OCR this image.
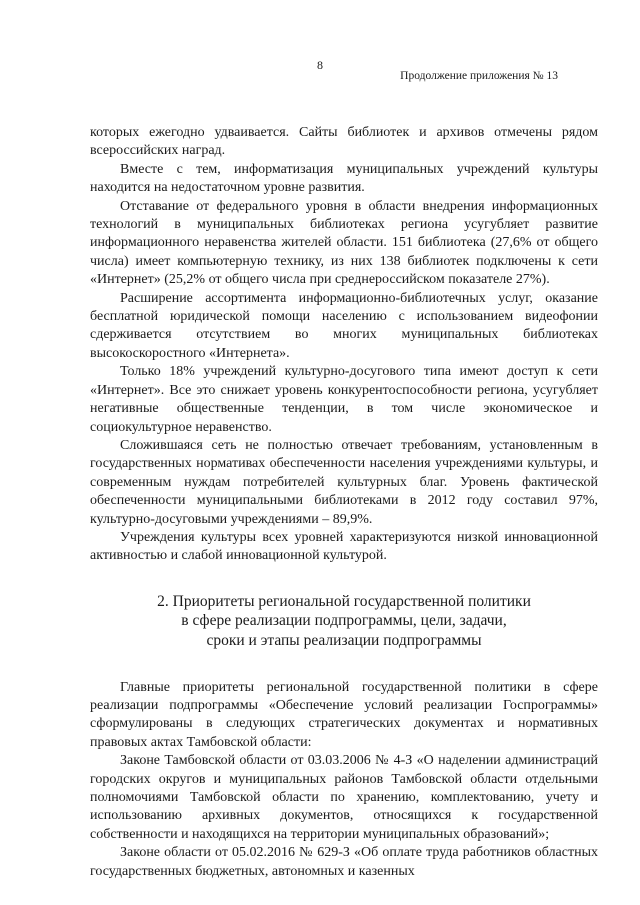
8
Продолжение приложения № 13

которых ежегодно удваивается. Сайты библиотек и архивов отмечены рядом всероссийских наград.

Вместе с тем, информатизация муниципальных учреждений культуры находится на недостаточном уровне развития.

Отставание от федерального уровня в области внедрения информационных технологий в муниципальных библиотеках региона усугубляет развитие информационного неравенства жителей области. 151 библиотека (27,6% от общего числа) имеет компьютерную технику, из них 138 библиотек подключены к сети «Интернет» (25,2% от общего числа при среднероссийском показателе 27%).

Расширение ассортимента информационно-библиотечных услуг, оказание бесплатной юридической помощи населению с использованием видеофонии сдерживается отсутствием во многих муниципальных библиотеках высокоскоростного «Интернета».

Только 18% учреждений культурно-досугового типа имеют доступ к сети «Интернет». Все это снижает уровень конкурентоспособности региона, усугубляет негативные общественные тенденции, в том числе экономическое и социокультурное неравенство.

Сложившаяся сеть не полностью отвечает требованиям, установленным в государственных нормативах обеспеченности населения учреждениями культуры, и современным нуждам потребителей культурных благ. Уровень фактической обеспеченности муниципальными библиотеками в 2012 году составил 97%, культурно-досуговыми учреждениями – 89,9%.

Учреждения культуры всех уровней характеризуются низкой инновационной активностью и слабой инновационной культурой.

2. Приоритеты региональной государственной политики
в сфере реализации подпрограммы, цели, задачи,
сроки и этапы реализации подпрограммы

Главные приоритеты региональной государственной политики в сфере реализации подпрограммы «Обеспечение условий реализации Госпрограммы» сформулированы в следующих стратегических документах и нормативных правовых актах Тамбовской области:

Законе Тамбовской области от 03.03.2006 № 4-З «О наделении администраций городских округов и муниципальных районов Тамбовской области отдельными полномочиями Тамбовской области по хранению, комплектованию, учету и использованию архивных документов, относящихся к государственной собственности и находящихся на территории муниципальных образований»;

Законе области от 05.02.2016 № 629-З «Об оплате труда работников областных государственных бюджетных, автономных и казенных
